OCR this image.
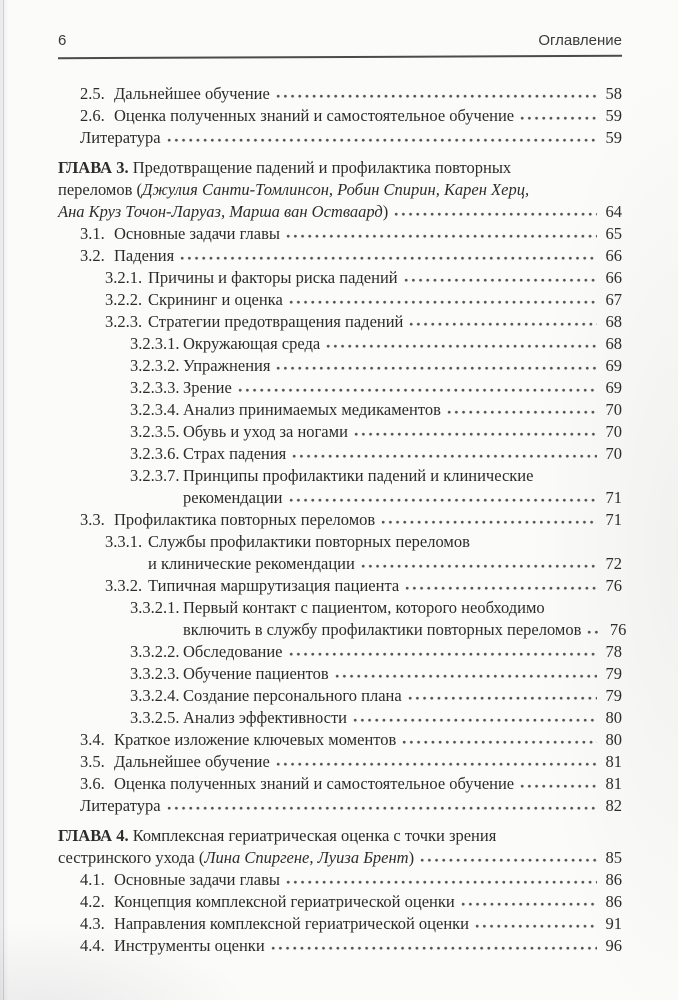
6	Оглавление
2.5. Дальнейшее обучение	58
2.6. Оценка полученных знаний и самостоятельное обучение	59
Литература	59
ГЛАВА 3. Предотвращение падений и профилактика повторных
переломов (Джулия Санти-Томлинсон, Робин Спирин, Карен Херц,
Ана Круз Точон-Ларуаз, Марша ван Остваард)	64
3.1. Основные задачи главы	65
3.2. Падения	66
3.2.1. Причины и факторы риска падений	66
3.2.2. Скрининг и оценка	67
3.2.3. Стратегии предотвращения падений	68
3.2.3.1. Окружающая среда	68
3.2.3.2. Упражнения	69
3.2.3.3. Зрение	69
3.2.3.4. Анализ принимаемых медикаментов	70
3.2.3.5. Обувь и уход за ногами	70
3.2.3.6. Страх падения	70
3.2.3.7. Принципы профилактики падений и клинические
рекомендации	71
3.3. Профилактика повторных переломов	71
3.3.1. Службы профилактики повторных переломов
и клинические рекомендации	72
3.3.2. Типичная маршрутизация пациента	76
3.3.2.1. Первый контакт с пациентом, которого необходимо
включить в службу профилактики повторных переломов	76
3.3.2.2. Обследование	78
3.3.2.3. Обучение пациентов	79
3.3.2.4. Создание персонального плана	79
3.3.2.5. Анализ эффективности	80
3.4. Краткое изложение ключевых моментов	80
3.5. Дальнейшее обучение	81
3.6. Оценка полученных знаний и самостоятельное обучение	81
Литература	82
ГЛАВА 4. Комплексная гериатрическая оценка с точки зрения
сестринского ухода (Лина Спиргене, Луиза Брент)	85
4.1. Основные задачи главы	86
4.2. Концепция комплексной гериатрической оценки	86
4.3. Направления комплексной гериатрической оценки	91
4.4. Инструменты оценки	96
